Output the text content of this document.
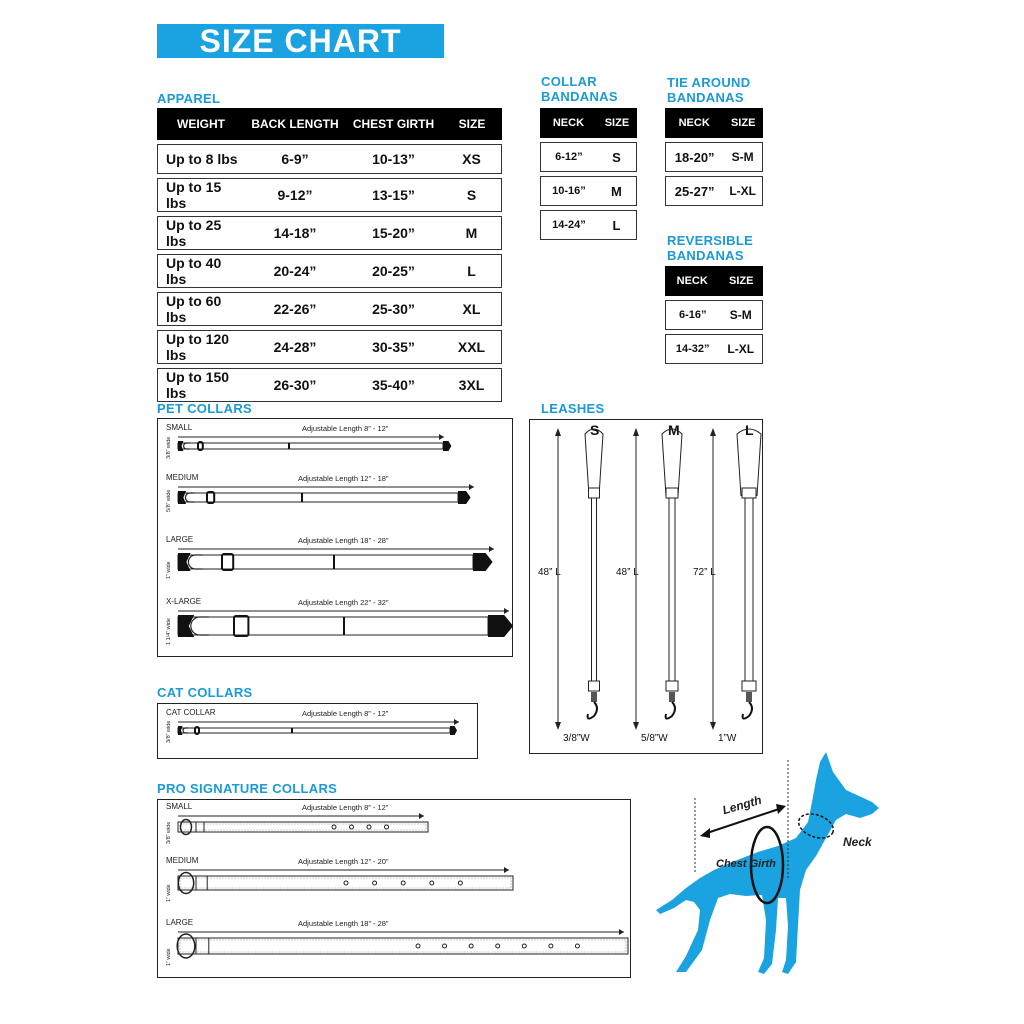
SIZE CHART
APPAREL
WEIGHT	BACK LENGTH	CHEST GIRTH	SIZE
Up to 8 lbs	6-9”	10-13”	XS
Up to 15 lbs	9-12”	13-15”	S
Up to 25 lbs	14-18”	15-20”	M
Up to 40 lbs	20-24”	20-25”	L
Up to 60 lbs	22-26”	25-30”	XL
Up to 120 lbs	24-28”	30-35”	XXL
Up to 150 lbs	26-30”	35-40”	3XL
COLLAR
BANDANAS
NECK	SIZE
6-12”	S
10-16”	M
14-24”	L
TIE AROUND
BANDANAS
NECK	SIZE
18-20”	S-M
25-27”	L-XL
REVERSIBLE
BANDANAS
NECK	SIZE
6-16”	S-M
14-32”	L-XL
PET COLLARS
SMALL	Adjustable Length 8” - 12”
3/8” wide
MEDIUM	Adjustable Length 12” - 18”
5/8” wide
LARGE	Adjustable Length 18” - 28”
1” wide
X-LARGE	Adjustable Length 22” - 32”
1 1/4” wide
CAT COLLARS
CAT COLLAR	Adjustable Length 8” - 12”
3/8” wide
LEASHES
S
48” L
3/8”W
M
48” L
5/8”W
L
72” L
1”W
PRO SIGNATURE COLLARS
SMALL	Adjustable Length 8” - 12”
3/8” wide
MEDIUM	Adjustable Length 12” - 20”
1” wide
LARGE	Adjustable Length 18” - 28”
1” wide
Length
Chest Girth
Neck
